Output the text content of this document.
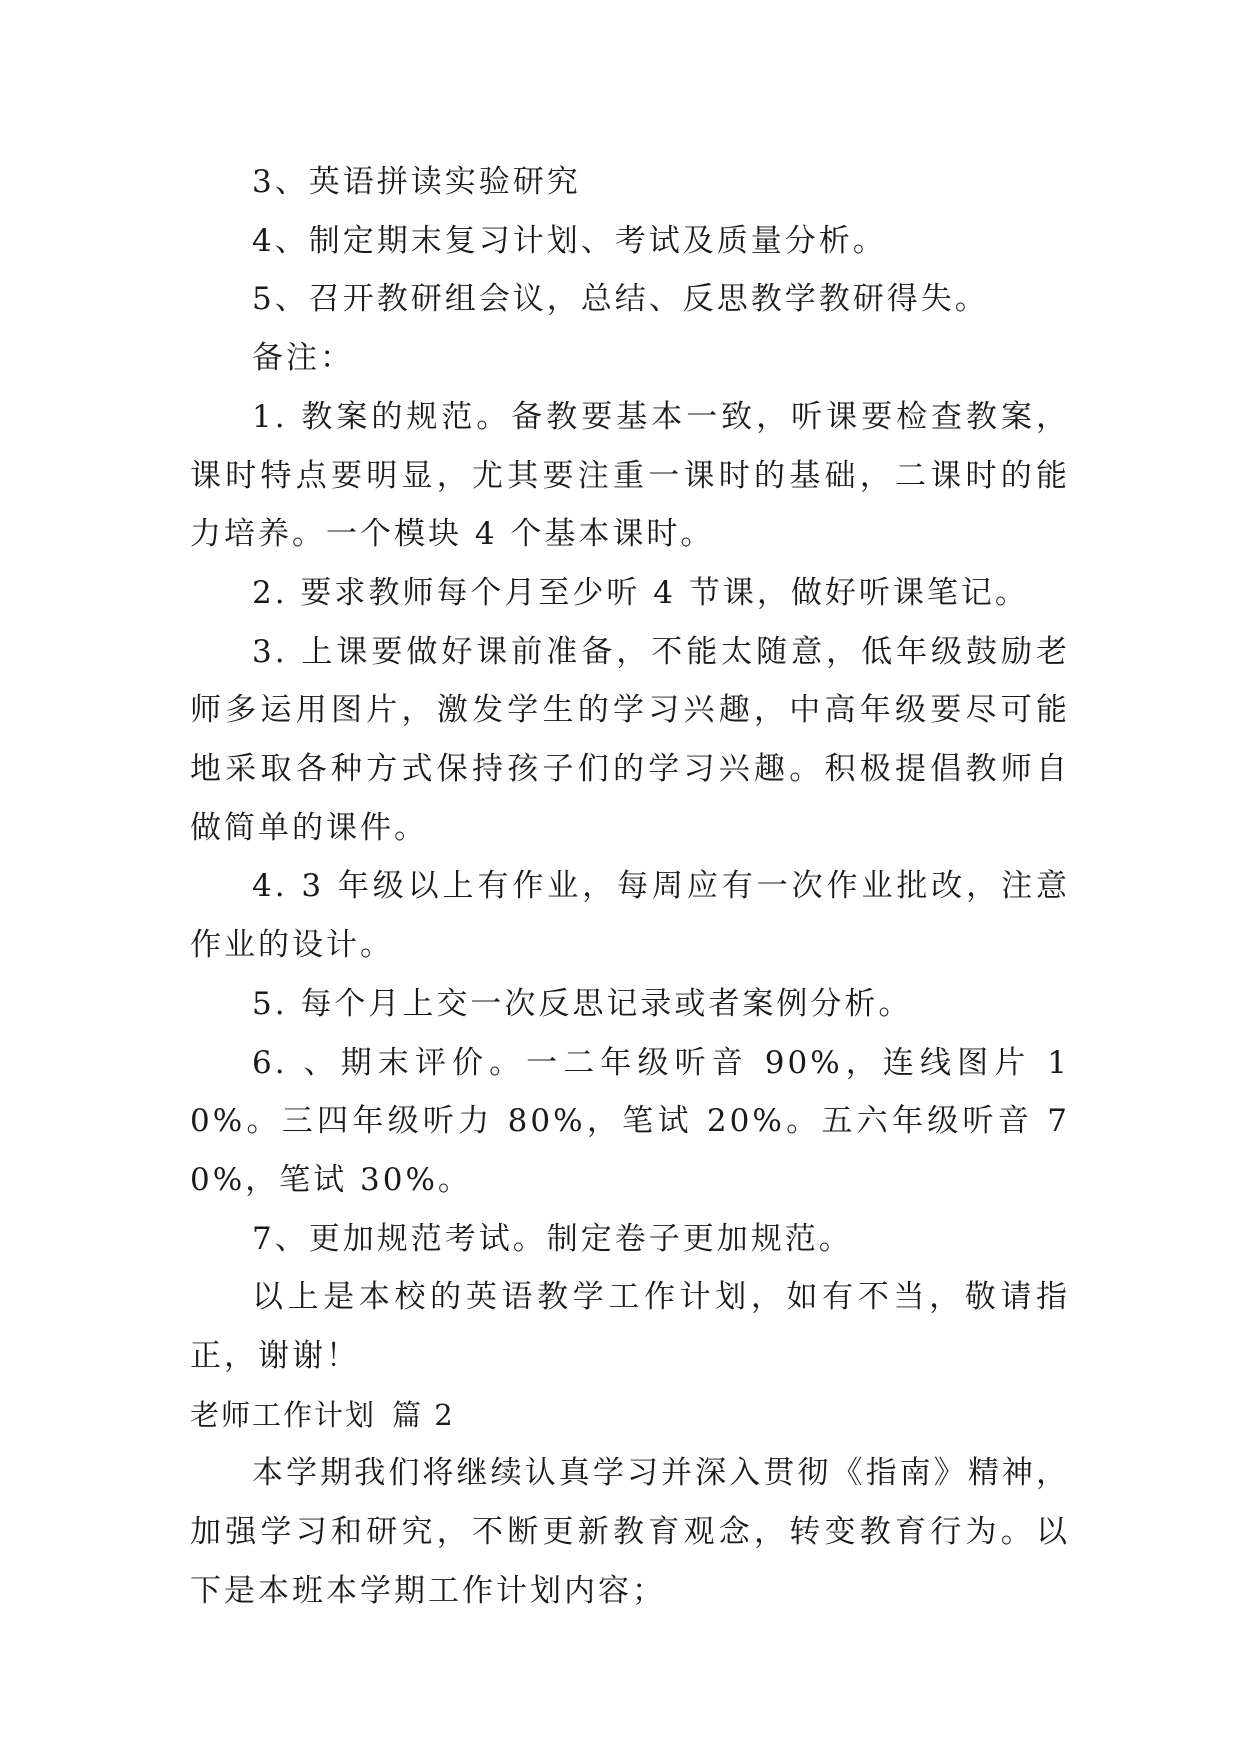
3、英语拼读实验研究

4、制定期末复习计划、考试及质量分析。

5、召开教研组会议，总结、反思教学教研得失。

备注：

1. 教案的规范。备教要基本一致，听课要检查教案，课时特点要明显，尤其要注重一课时的基础，二课时的能力培养。一个模块 4 个基本课时。

2. 要求教师每个月至少听 4 节课，做好听课笔记。

3. 上课要做好课前准备，不能太随意，低年级鼓励老师多运用图片，激发学生的学习兴趣，中高年级要尽可能地采取各种方式保持孩子们的学习兴趣。积极提倡教师自做简单的课件。

4. 3 年级以上有作业，每周应有一次作业批改，注意作业的设计。

5. 每个月上交一次反思记录或者案例分析。

6. 、期末评价。一二年级听音 90%，连线图片 10%。三四年级听力 80%，笔试 20%。五六年级听音 70%，笔试 30%。

7、更加规范考试。制定卷子更加规范。

以上是本校的英语教学工作计划，如有不当，敬请指正，谢谢！

老师工作计划 篇 2

本学期我们将继续认真学习并深入贯彻《指南》精神，加强学习和研究，不断更新教育观念，转变教育行为。以下是本班本学期工作计划内容；
